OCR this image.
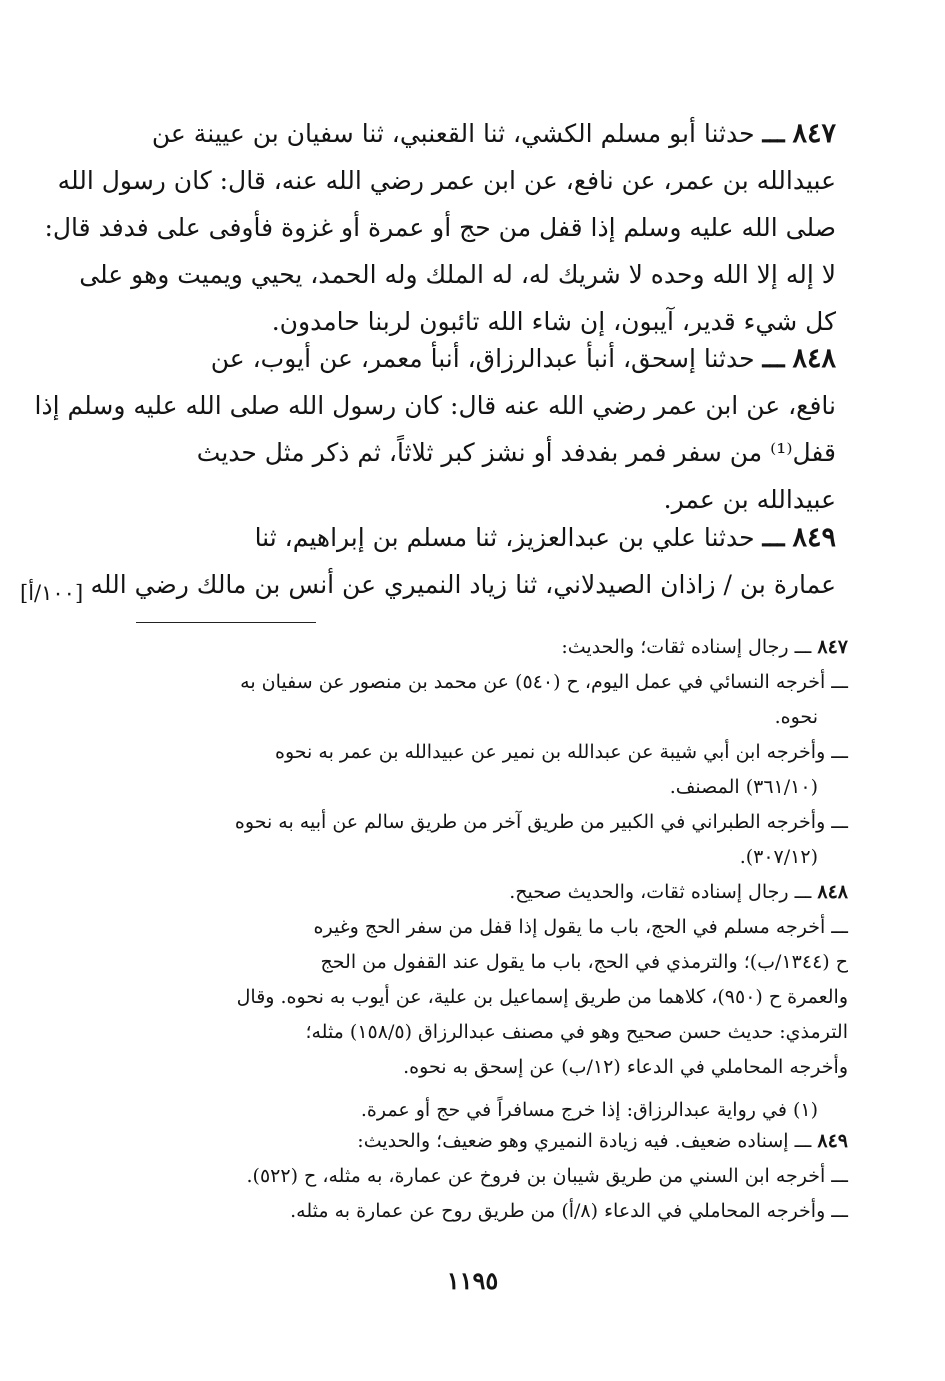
٨٤٧ ـــ حدثنا أبو مسلم الكشي، ثنا القعنبي، ثنا سفيان بن عيينة عن
عبيدالله بن عمر، عن نافع، عن ابن عمر رضي الله عنه، قال: كان رسول الله
صلى الله عليه وسلم إذا قفل من حج أو عمرة أو غزوة فأوفى على فدفد قال:
لا إله إلا الله وحده لا شريك له، له الملك وله الحمد، يحيي ويميت وهو على
كل شيء قدير، آيبون، إن شاء الله تائبون لربنا حامدون.
٨٤٨ ـــ حدثنا إسحق، أنبأ عبدالرزاق، أنبأ معمر، عن أيوب، عن
نافع، عن ابن عمر رضي الله عنه قال: كان رسول الله صلى الله عليه وسلم إذا
قفل⁽¹⁾ من سفر فمر بفدفد أو نشز كبر ثلاثاً، ثم ذكر مثل حديث
عبيدالله بن عمر.
٨٤٩ ـــ حدثنا علي بن عبدالعزيز، ثنا مسلم بن إبراهيم، ثنا
عمارة بن / زاذان الصيدلاني، ثنا زياد النميري عن أنس بن مالك رضي الله
[١٠٠/أ]
٨٤٧ ـــ رجال إسناده ثقات؛ والحديث:
ـــ أخرجه النسائي في عمل اليوم، ح (٥٤٠) عن محمد بن منصور عن سفيان به
نحوه.
ـــ وأخرجه ابن أبي شيبة عن عبدالله بن نمير عن عبيدالله بن عمر به نحوه
(٣٦١/١٠) المصنف.
ـــ وأخرجه الطبراني في الكبير من طريق آخر من طريق سالم عن أبيه به نحوه
(٣٠٧/١٢).
٨٤٨ ـــ رجال إسناده ثقات، والحديث صحيح.
ـــ أخرجه مسلم في الحج، باب ما يقول إذا قفل من سفر الحج وغيره
ح (١٣٤٤/ب)؛ والترمذي في الحج، باب ما يقول عند القفول من الحج
والعمرة ح (٩٥٠)، كلاهما من طريق إسماعيل بن علية، عن أيوب به نحوه. وقال
الترمذي: حديث حسن صحيح وهو في مصنف عبدالرزاق (١٥٨/٥) مثله؛
وأخرجه المحاملي في الدعاء (١٢/ب) عن إسحق به نحوه.
(١) في رواية عبدالرزاق: إذا خرج مسافراً في حج أو عمرة.
٨٤٩ ـــ إسناده ضعيف. فيه زيادة النميري وهو ضعيف؛ والحديث:
ـــ أخرجه ابن السني من طريق شيبان بن فروخ عن عمارة، به مثله، ح (٥٢٢).
ـــ وأخرجه المحاملي في الدعاء (٨/أ) من طريق روح عن عمارة به مثله.
١١٩٥
